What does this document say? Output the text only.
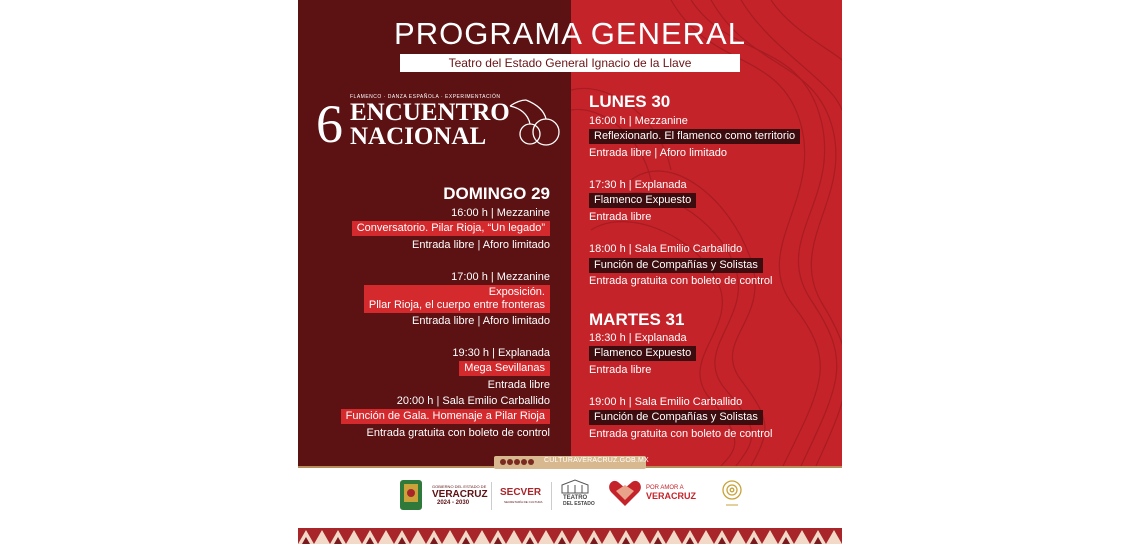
PROGRAMA GENERAL
Teatro del Estado General Ignacio de la Llave
6 FLAMENCO · DANZA ESPAÑOLA · EXPERIMENTACIÓN
ENCUENTRO
NACIONAL
DOMINGO 29
16:00 h | Mezzanine
Conversatorio. Pilar Rioja, “Un legado”
Entrada libre | Aforo limitado
17:00 h | Mezzanine
Exposición.
Pllar Rioja, el cuerpo entre fronteras
Entrada libre | Aforo limitado
19:30 h | Explanada
Mega Sevillanas
Entrada libre
20:00 h | Sala Emilio Carballido
Función de Gala. Homenaje a Pilar Rioja
Entrada gratuita con boleto de control
LUNES 30
16:00 h | Mezzanine
Reflexionarlo. El flamenco como territorio
Entrada libre | Aforo limitado
17:30 h | Explanada
Flamenco Expuesto
Entrada libre
18:00 h | Sala Emilio Carballido
Función de Compañías y Solistas
Entrada gratuita con boleto de control
MARTES 31
18:30 h | Explanada
Flamenco Expuesto
Entrada libre
19:00 h | Sala Emilio Carballido
Función de Compañías y Solistas
Entrada gratuita con boleto de control
CULTURAVERACRUZ.GOB.MX
GOBIERNO DEL ESTADO DE
VERACRUZ
2024 - 2030
SECVER
SECRETARÍA DE CULTURA
TEATRO
DEL ESTADO
POR AMOR A
VERACRUZ
